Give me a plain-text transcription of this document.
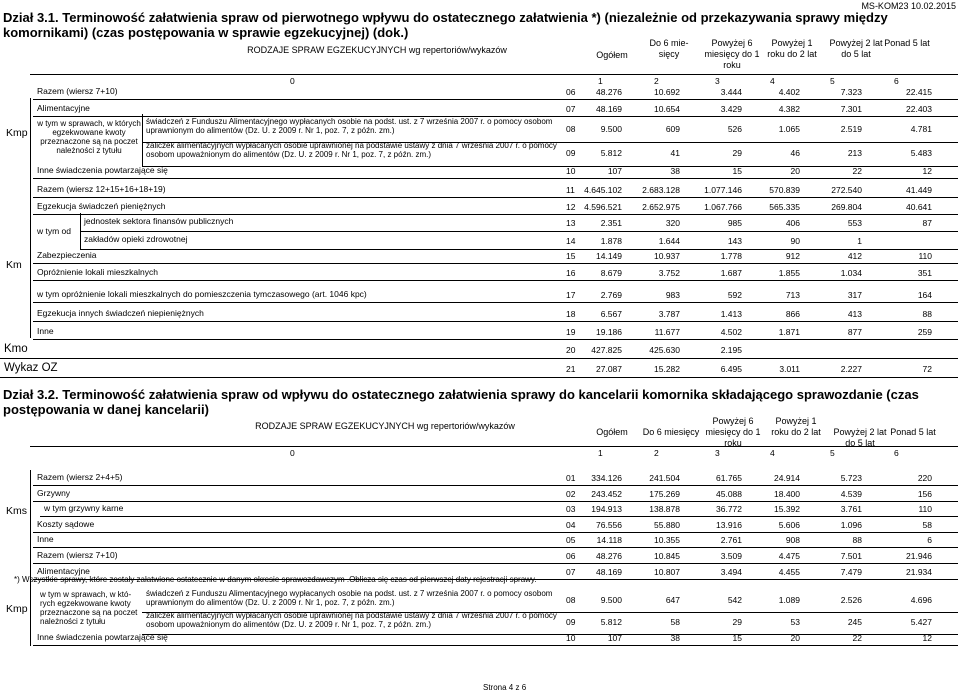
MS-KOM23 10.02.2015
Dział 3.1. Terminowość załatwienia spraw od pierwotnego wpływu do ostatecznego załatwienia *) (niezależnie od przekazywania sprawy między komornikami) (czas postępowania w sprawie egzekucyjnej) (dok.)
*) Wszystkie sprawy, które zostały załatwione ostatecznie w danym okresie sprawozdawczym .Oblicza się czas od pierwszej daty rejestracji sprawy.
Strona 4 z 6
RODZAJE SPRAW EGZEKUCYJNYCH wg repertoriów/wykazów	Ogółem
Do 6 mie-sięcy
Powyżej 6 miesięcy do 1 roku
Powyżej 1 roku do 2 lat
Powyżej 2 lat do 5 lat
Ponad 5 lat
0	1	2	3	4	5	6
Razem (wiersz 7+10)	06	48.276	10.692	3.444	4.402	7.323	22.415
Alimentacyjne	07	48.169	10.654	3.429	4.382	7.301	22.403
świadczeń z Funduszu Alimentacyjnego wypłacanych osobie na podst. ust. z 7 września 2007 r. o pomocy osobom uprawnionym do alimentów (Dz. U. z 2009 r. Nr 1, poz. 7, z późn. zm.)	08	9.500	609	526	1.065	2.519	4.781
zaliczek alimentacyjnych wypłacanych osobie uprawnionej na podstawie ustawy z dnia 7 września 2007 r. o pomocy osobom upoważnionym do alimentów (Dz. U. z 2009 r. Nr 1, poz. 7, z późn. zm.)	09	5.812	41	29	46	213	5.483
Inne świadczenia powtarzające się	10	107	38	15	20	22	12
Razem (wiersz 12+15+16+18+19)	11	4.645.102	2.683.128	1.077.146	570.839	272.540	41.449
Egzekucja świadczeń pieniężnych	12	4.596.521	2.652.975	1.067.766	565.335	269.804	40.641
jednostek sektora finansów publicznych	13	2.351	320	985	406	553	87
zakładów opieki zdrowotnej	14	1.878	1.644	143	90	1
Zabezpieczenia	15	14.149	10.937	1.778	912	412	110
Opróżnienie lokali mieszkalnych	16	8.679	3.752	1.687	1.855	1.034	351
w tym opróżnienie lokali mieszkalnych do pomieszczenia tymczasowego (art. 1046 kpc)	17	2.769	983	592	713	317	164
Egzekucja innych świadczeń niepieniężnych	18	6.567	3.787	1.413	866	413	88
Inne	19	19.186	11.677	4.502	1.871	877	259
Kmo	20	427.825	425.630	2.195
Wykaz OZ	21	27.087	15.282	6.495	3.011	2.227	72
Kmp
Km
w tym w sprawach, w których egzekwowane kwoty przeznaczone są na poczet należności z tytułu
w tym od
Dział 3.2. Terminowość załatwienia spraw od wpływu do ostatecznego załatwienia sprawy do kancelarii komornika składającego sprawozdanie (czas postępowania w danej kancelarii)
RODZAJE SPRAW EGZEKUCYJNYCH wg repertoriów/wykazów
Ogółem	Do 6 miesięcy
Powyżej 6 miesięcy do 1 roku
Powyżej 1 roku do 2 lat	Powyżej 2 lat do 5 lat
Ponad 5 lat
0	1	2	3	4	5	6
Razem (wiersz 2+4+5)	01	334.126	241.504	61.765	24.914	5.723	220
Grzywny	02	243.452	175.269	45.088	18.400	4.539	156
w tym grzywny karne	03	194.913	138.878	36.772	15.392	3.761	110
Koszty sądowe	04	76.556	55.880	13.916	5.606	1.096	58
Inne	05	14.118	10.355	2.761	908	88	6
Razem (wiersz 7+10)	06	48.276	10.845	3.509	4.475	7.501	21.946
Alimentacyjne	07	48.169	10.807	3.494	4.455	7.479	21.934
świadczeń z Funduszu Alimentacyjnego wypłacanych osobie na podst. ust. z 7 września 2007 r. o pomocy osobom uprawnionym do alimentów (Dz. U. z 2009 r. Nr 1, poz. 7, z późn. zm.)	08	9.500	647	542	1.089	2.526	4.696
zaliczek alimentacyjnych wypłacanych osobie uprawnionej na podstawie ustawy z dnia 7 września 2007 r. o pomocy osobom upoważnionym do alimentów (Dz. U. z 2009 r. Nr 1, poz. 7, z późn. zm.)	09	5.812	58	29	53	245	5.427
Inne świadczenia powtarzające się	10	107	38	15	20	22	12
Kms
Kmp
w tym w sprawach, w któ-rych egzekwowane kwoty przeznaczone są na poczet należności z tytułu
